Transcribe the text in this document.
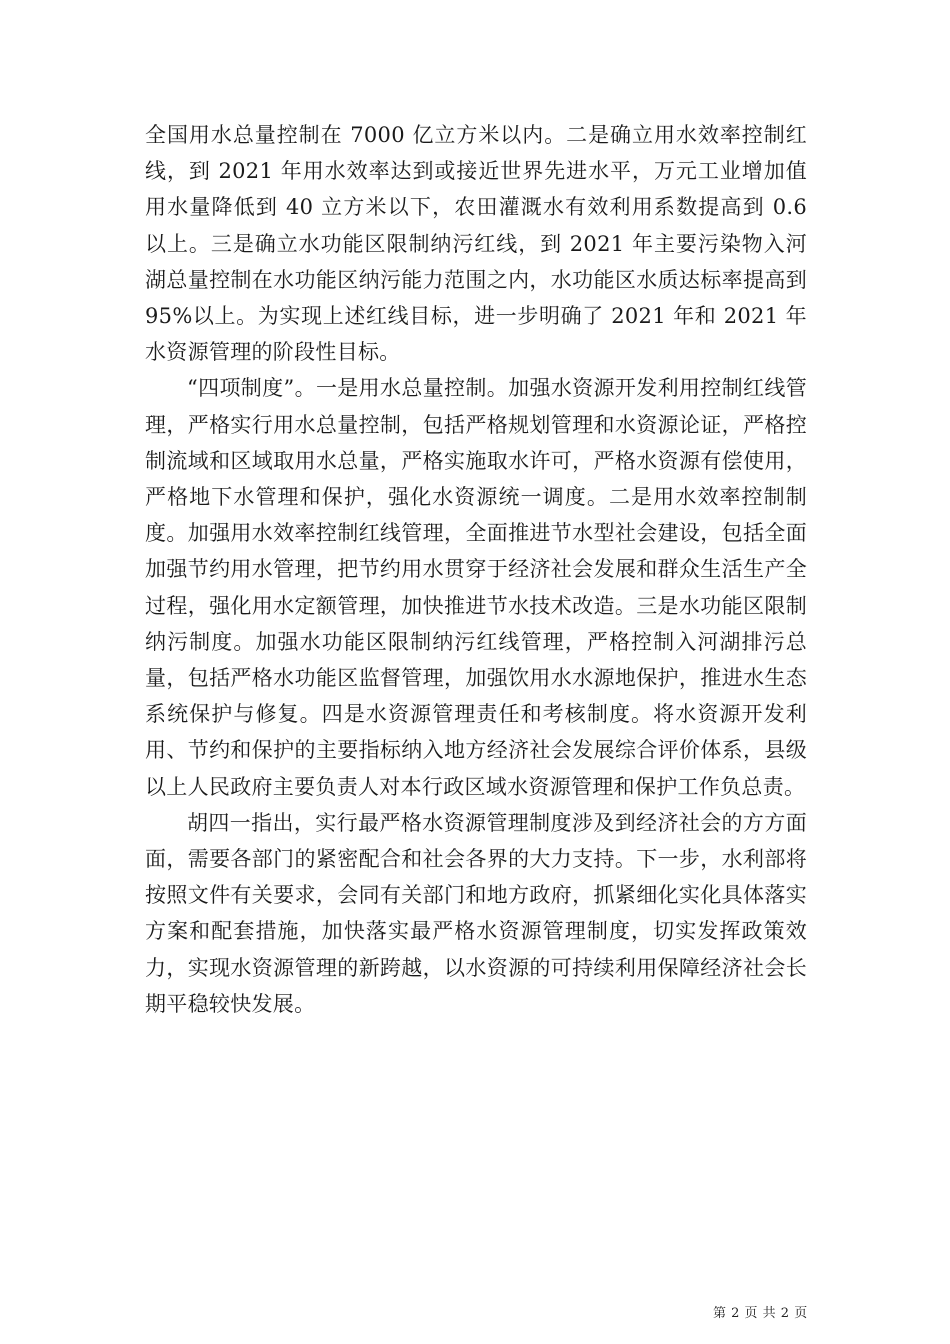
全国用水总量控制在 7000 亿立方米以内。二是确立用水效率控制红线，到 2021 年用水效率达到或接近世界先进水平，万元工业增加值用水量降低到 40 立方米以下，农田灌溉水有效利用系数提高到 0.6 以上。三是确立水功能区限制纳污红线，到 2021 年主要污染物入河湖总量控制在水功能区纳污能力范围之内，水功能区水质达标率提高到 95%以上。为实现上述红线目标，进一步明确了 2021 年和 2021 年水资源管理的阶段性目标。

“四项制度”。一是用水总量控制。加强水资源开发利用控制红线管理，严格实行用水总量控制，包括严格规划管理和水资源论证，严格控制流域和区域取用水总量，严格实施取水许可，严格水资源有偿使用，严格地下水管理和保护，强化水资源统一调度。二是用水效率控制制度。加强用水效率控制红线管理，全面推进节水型社会建设，包括全面加强节约用水管理，把节约用水贯穿于经济社会发展和群众生活生产全过程，强化用水定额管理，加快推进节水技术改造。三是水功能区限制纳污制度。加强水功能区限制纳污红线管理，严格控制入河湖排污总量，包括严格水功能区监督管理，加强饮用水水源地保护，推进水生态系统保护与修复。四是水资源管理责任和考核制度。将水资源开发利用、节约和保护的主要指标纳入地方经济社会发展综合评价体系，县级以上人民政府主要负责人对本行政区域水资源管理和保护工作负总责。

胡四一指出，实行最严格水资源管理制度涉及到经济社会的方方面面，需要各部门的紧密配合和社会各界的大力支持。下一步，水利部将按照文件有关要求，会同有关部门和地方政府，抓紧细化实化具体落实方案和配套措施，加快落实最严格水资源管理制度，切实发挥政策效力，实现水资源管理的新跨越，以水资源的可持续利用保障经济社会长期平稳较快发展。

第 2 页 共 2 页
